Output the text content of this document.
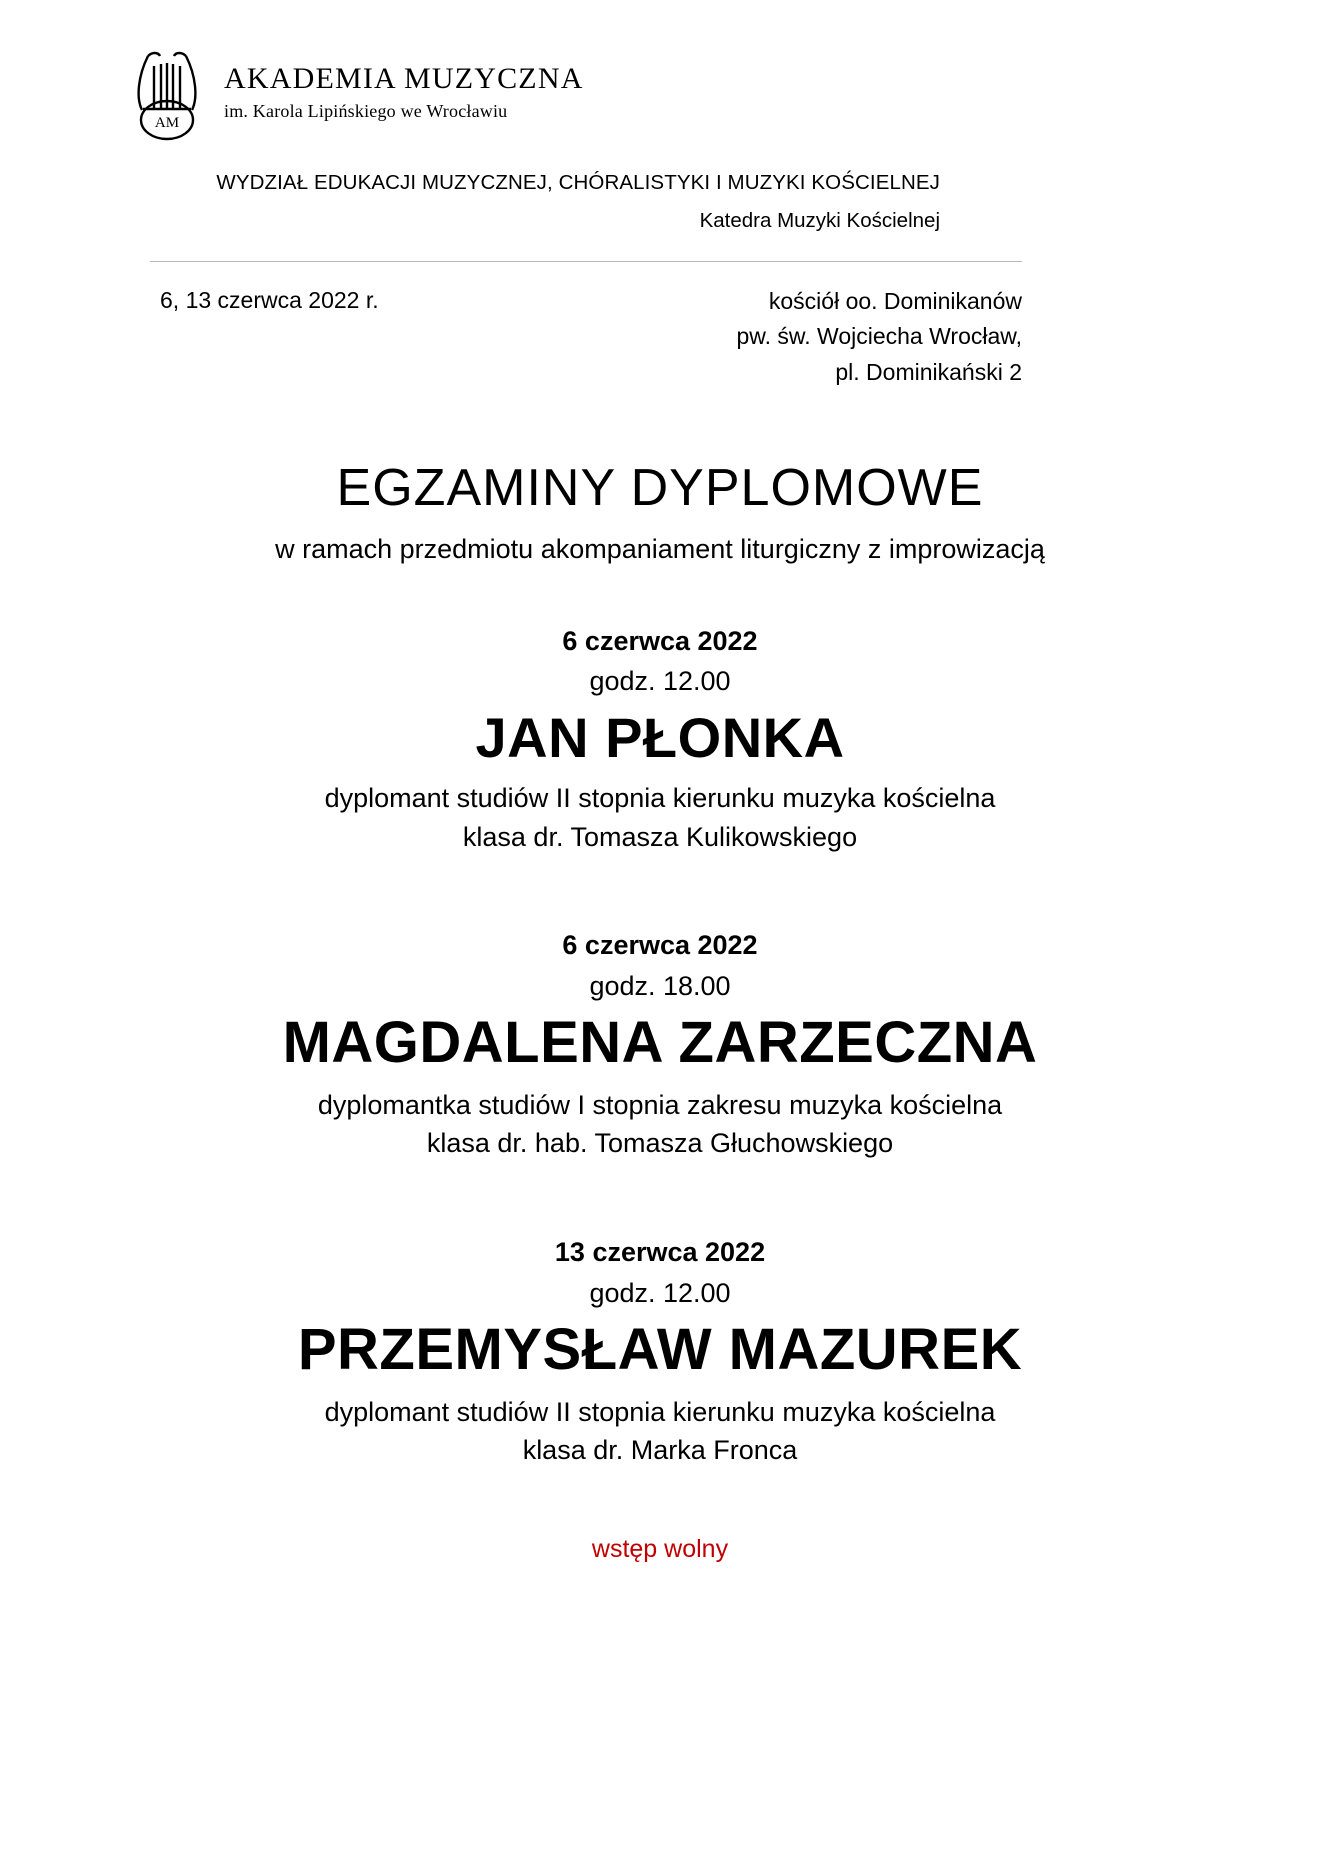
AM
AKADEMIA MUZYCZNA
im. Karola Lipińskiego we Wrocławiu
WYDZIAŁ EDUKACJI MUZYCZNEJ, CHÓRALISTYKI I MUZYKI KOŚCIELNEJ
Katedra Muzyki Kościelnej
6, 13 czerwca 2022 r.	kościół oo. Dominikanów
pw. św. Wojciecha Wrocław,
pl. Dominikański 2
EGZAMINY DYPLOMOWE
w ramach przedmiotu akompaniament liturgiczny z improwizacją
6 czerwca 2022
godz. 12.00
JAN PŁONKA
dyplomant studiów II stopnia kierunku muzyka kościelna
klasa dr. Tomasza Kulikowskiego
6 czerwca 2022
godz. 18.00
MAGDALENA ZARZECZNA
dyplomantka studiów I stopnia zakresu muzyka kościelna
klasa dr. hab. Tomasza Głuchowskiego
13 czerwca 2022
godz. 12.00
PRZEMYSŁAW MAZUREK
dyplomant studiów II stopnia kierunku muzyka kościelna
klasa dr. Marka Fronca
wstęp wolny
